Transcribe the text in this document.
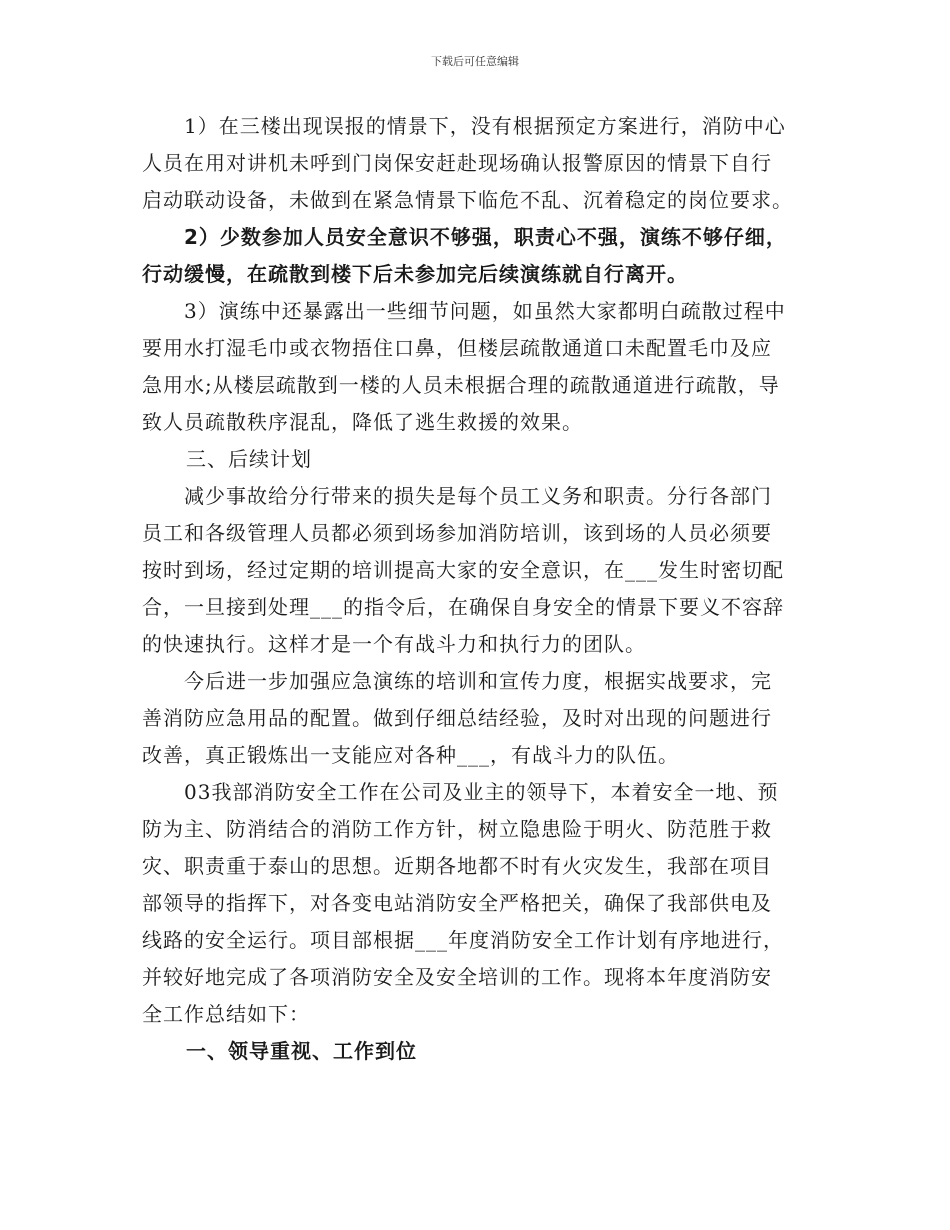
下载后可任意编辑

　　1）在三楼出现误报的情景下，没有根据预定方案进行，消防中心
人员在用对讲机未呼到门岗保安赶赴现场确认报警原因的情景下自行
启动联动设备，未做到在紧急情景下临危不乱、沉着稳定的岗位要求。

　　2）少数参加人员安全意识不够强，职责心不强，演练不够仔细，
行动缓慢，在疏散到楼下后未参加完后续演练就自行离开。

　　3）演练中还暴露出一些细节问题，如虽然大家都明白疏散过程中
要用水打湿毛巾或衣物捂住口鼻，但楼层疏散通道口未配置毛巾及应
急用水;从楼层疏散到一楼的人员未根据合理的疏散通道进行疏散，导
致人员疏散秩序混乱，降低了逃生救援的效果。

三、后续计划

　　减少事故给分行带来的损失是每个员工义务和职责。分行各部门
员工和各级管理人员都必须到场参加消防培训，该到场的人员必须要
按时到场，经过定期的培训提高大家的安全意识，在___发生时密切配
合，一旦接到处理___的指令后，在确保自身安全的情景下要义不容辞
的快速执行。这样才是一个有战斗力和执行力的团队。

　　今后进一步加强应急演练的培训和宣传力度，根据实战要求，完
善消防应急用品的配置。做到仔细总结经验，及时对出现的问题进行
改善，真正锻炼出一支能应对各种___，有战斗力的队伍。

　　03我部消防安全工作在公司及业主的领导下，本着安全一地、预
防为主、防消结合的消防工作方针，树立隐患险于明火、防范胜于救
灾、职责重于泰山的思想。近期各地都不时有火灾发生，我部在项目
部领导的指挥下，对各变电站消防安全严格把关，确保了我部供电及
线路的安全运行。项目部根据___年度消防安全工作计划有序地进行，
并较好地完成了各项消防安全及安全培训的工作。现将本年度消防安
全工作总结如下：

一、领导重视、工作到位
